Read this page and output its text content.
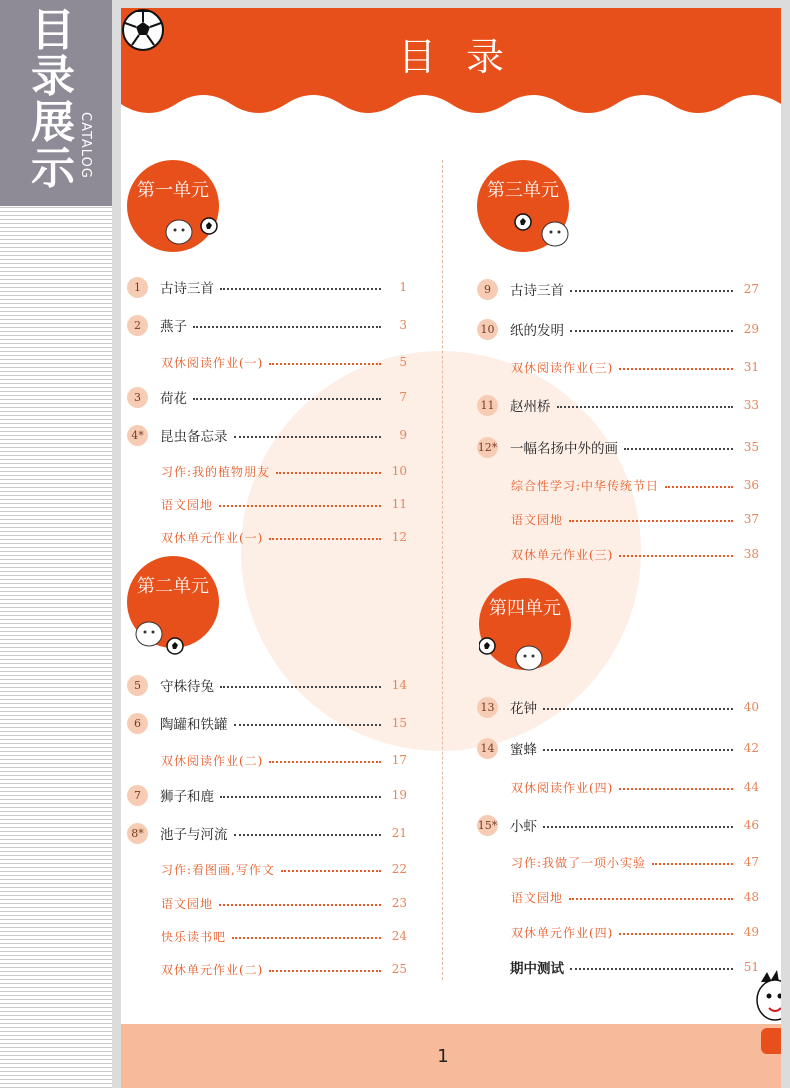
目
录
展
示 CATALOG
目录
第一单元
第二单元
第三单元
第四单元
1	古诗三首	1
2	燕子	3
双休阅读作业(一)	5
3	荷花	7
4*	昆虫备忘录	9
习作:我的植物朋友	10
语文园地	11
双休单元作业(一)	12
5	守株待兔	14
6	陶罐和铁罐	15
双休阅读作业(二)	17
7	狮子和鹿	19
8*	池子与河流	21
习作:看图画,写作文	22
语文园地	23
快乐读书吧	24
双休单元作业(二)	25
9	古诗三首	27
10 纸的发明	29
双休阅读作业(三)	31
11 赵州桥	33
12* 一幅名扬中外的画	35
综合性学习:中华传统节日	36
语文园地	37
双休单元作业(三)	38
13 花钟	40
14 蜜蜂	42
双休阅读作业(四)	44
15* 小虾	46
习作:我做了一项小实验	47
语文园地	48
双休单元作业(四)	49
期中测试	51
1
